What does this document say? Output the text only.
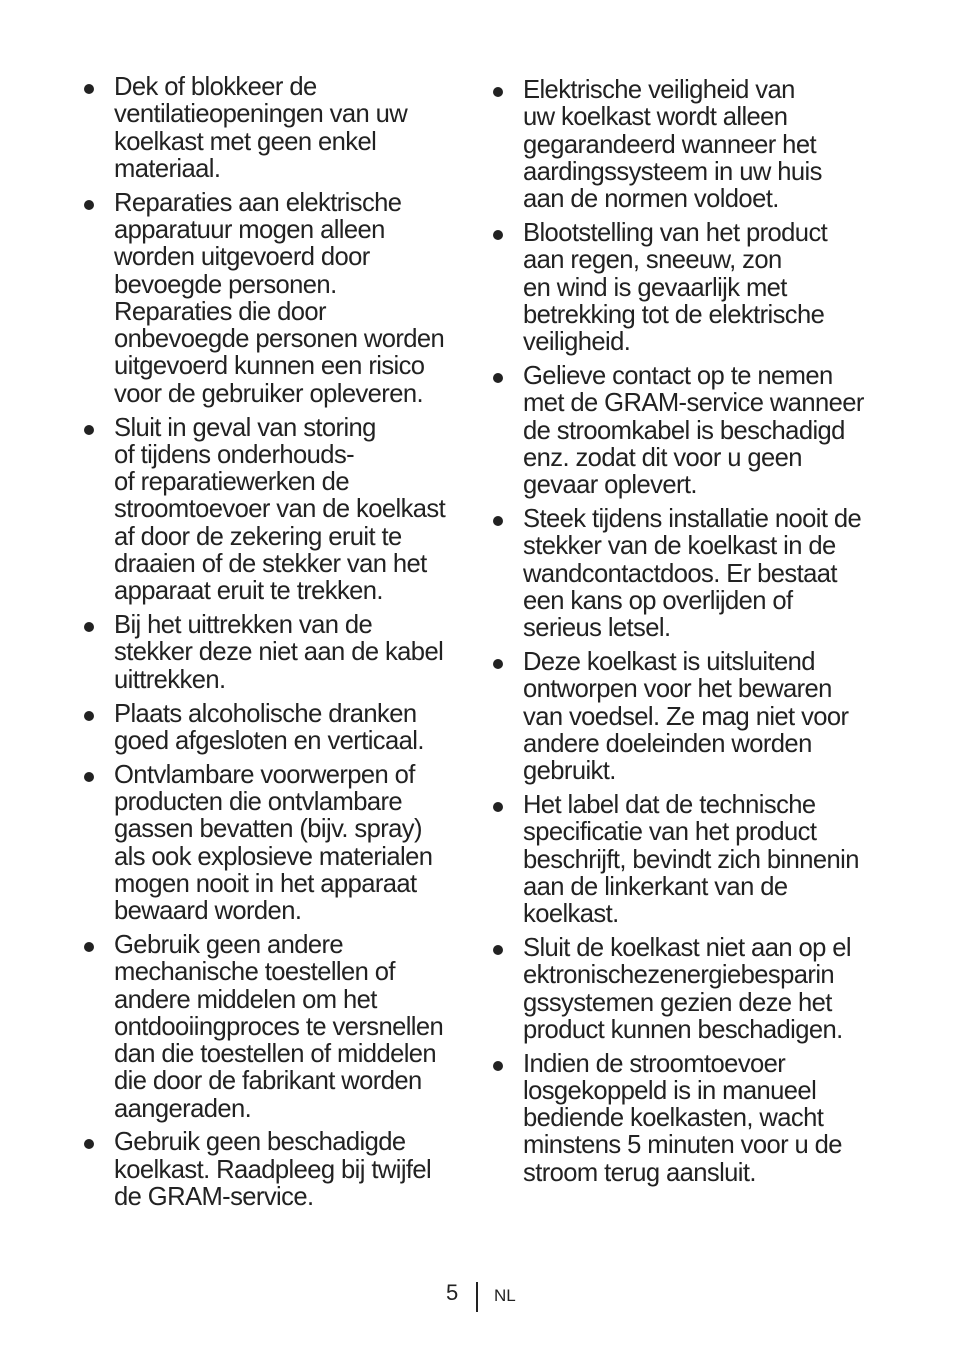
Dek of blokkeer de
ventilatieopeningen van uw
koelkast met geen enkel
materiaal.
Reparaties aan elektrische
apparatuur mogen alleen
worden uitgevoerd door
bevoegde personen.
Reparaties die door
onbevoegde personen worden
uitgevoerd kunnen een risico
voor de gebruiker opleveren.
Sluit in geval van storing
of tijdens onderhouds-
of reparatiewerken de
stroomtoevoer van de koelkast
af door de zekering eruit te
draaien of de stekker van het
apparaat eruit te trekken.
Bij het uittrekken van de
stekker deze niet aan de kabel
uittrekken.
Plaats alcoholische dranken
goed afgesloten en verticaal.
Ontvlambare voorwerpen of
producten die ontvlambare
gassen bevatten (bijv. spray)
als ook explosieve materialen
mogen nooit in het apparaat
bewaard worden.
Gebruik geen andere
mechanische toestellen of
andere middelen om het
ontdooiingproces te versnellen
dan die toestellen of middelen
die door de fabrikant worden
aangeraden.
Gebruik geen beschadigde
koelkast. Raadpleeg bij twijfel
de GRAM-service.
Elektrische veiligheid van
uw koelkast wordt alleen
gegarandeerd wanneer het
aardingssysteem in uw huis
aan de normen voldoet.
Blootstelling van het product
aan regen, sneeuw, zon
en wind is gevaarlijk met
betrekking tot de elektrische
veiligheid.
Gelieve contact op te nemen
met de GRAM-service wanneer
de stroomkabel is beschadigd
enz. zodat dit voor u geen
gevaar oplevert.
Steek tijdens installatie nooit de
stekker van de koelkast in de
wandcontactdoos. Er bestaat
een kans op overlijden of
serieus letsel.
Deze koelkast is uitsluitend
ontworpen voor het bewaren
van voedsel. Ze mag niet voor
andere doeleinden worden
gebruikt.
Het label dat de technische
specificatie van het product
beschrijft, bevindt zich binnenin
aan de linkerkant van de
koelkast.
Sluit de koelkast niet aan op el
ektronischezenergiebesparin
gssystemen gezien deze het
product kunnen beschadigen.
Indien de stroomtoevoer
losgekoppeld is in manueel
bediende koelkasten, wacht
minstens 5 minuten voor u de
stroom terug aansluit.
5 NL
